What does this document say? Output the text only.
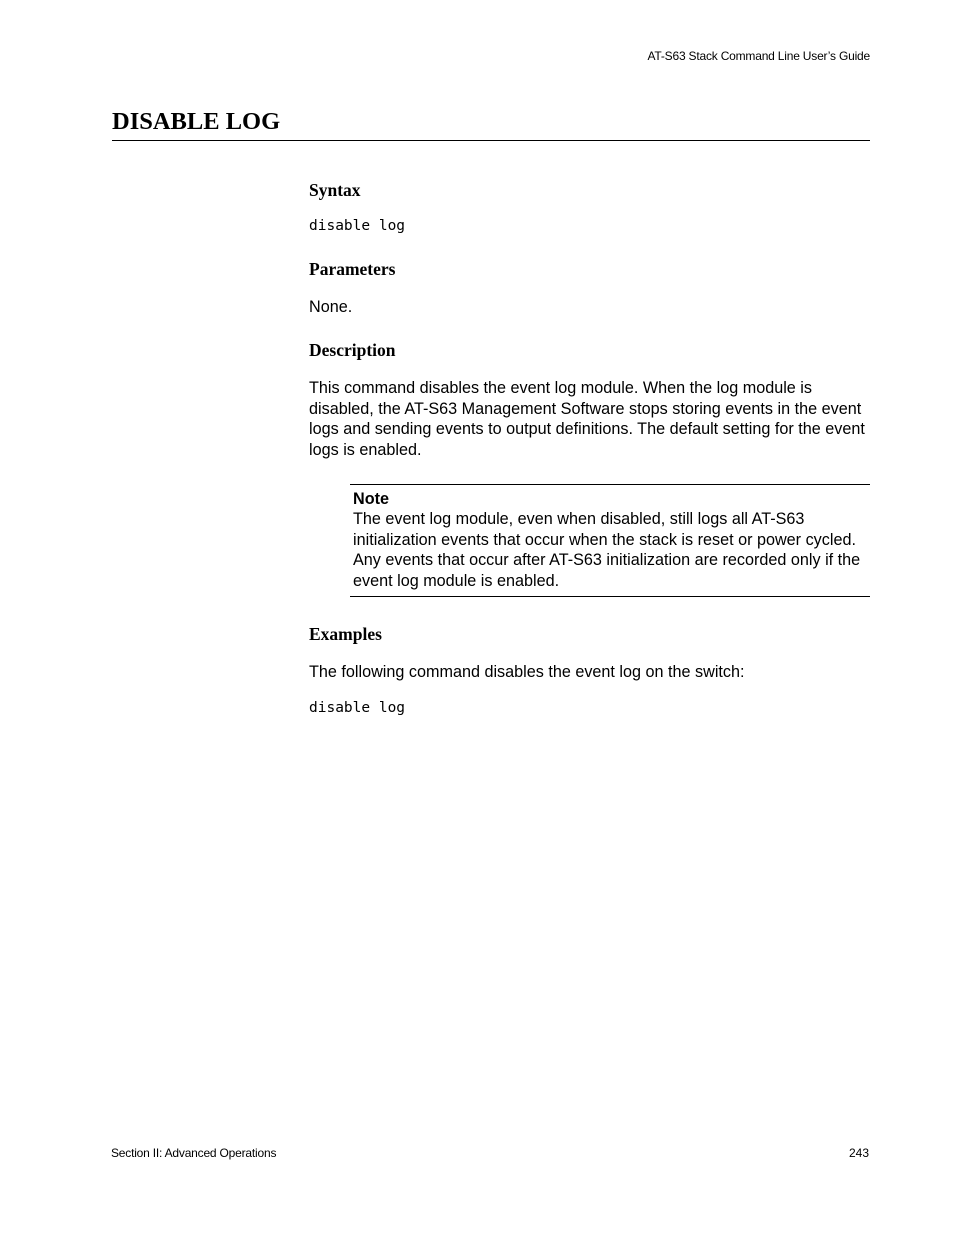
AT-S63 Stack Command Line User’s Guide
DISABLE LOG
Syntax
disable log
Parameters

None.

Description

This command disables the event log module. When the log module is disabled, the AT-S63 Management Software stops storing events in the event logs and sending events to output definitions. The default setting for the event logs is enabled.

Note

The event log module, even when disabled, still logs all AT-S63 initialization events that occur when the stack is reset or power cycled. Any events that occur after AT-S63 initialization are recorded only if the event log module is enabled.

Examples

The following command disables the event log on the switch:

disable log
Section II: Advanced Operations	243
